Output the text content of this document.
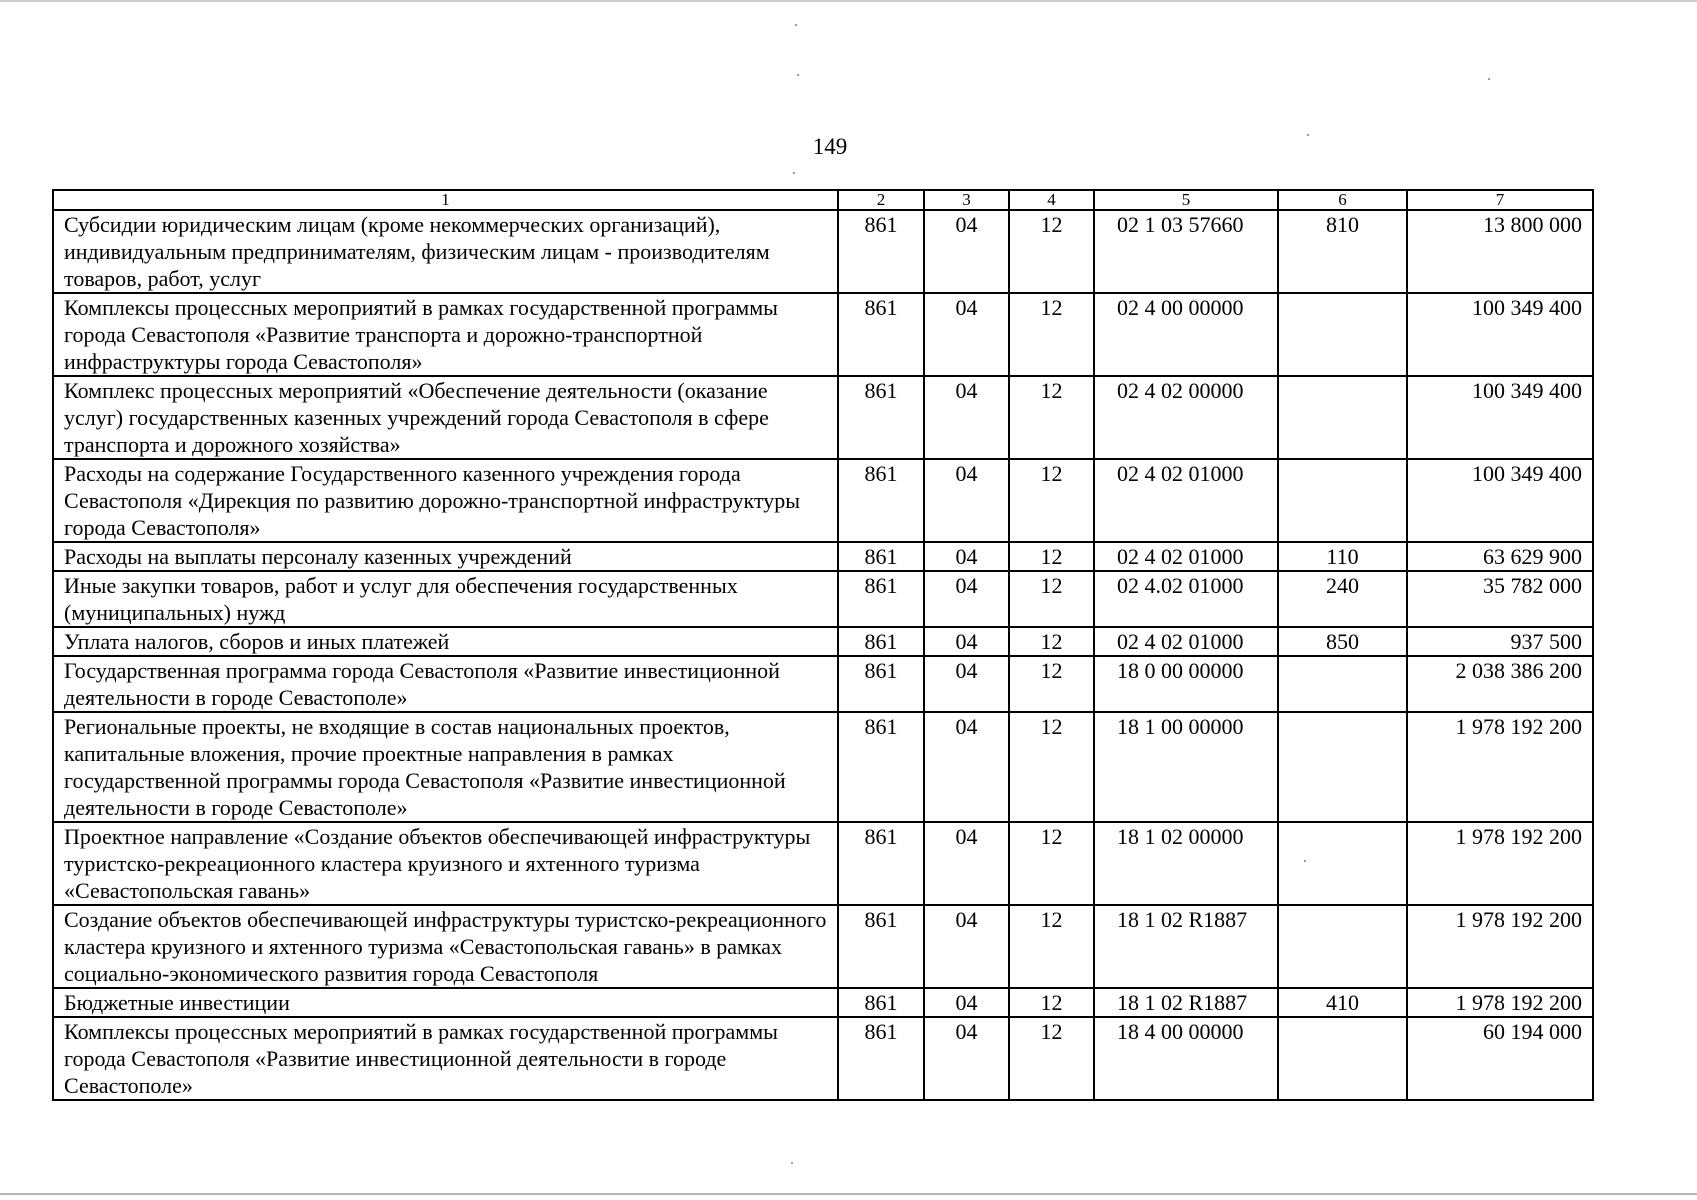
149
1	2	3	4	5	6	7
Субсидии юридическим лицам (кроме некоммерческих организаций), индивидуальным предпринимателям, физическим лицам - производителям товаров, работ, услуг	861	04	12	02 1 03 57660	810	13 800 000
Комплексы процессных мероприятий в рамках государственной программы города Севастополя «Развитие транспорта и дорожно-транспортной инфраструктуры города Севастополя»	861	04	12	02 4 00 00000		100 349 400
Комплекс процессных мероприятий «Обеспечение деятельности (оказание услуг) государственных казенных учреждений города Севастополя в сфере транспорта и дорожного хозяйства»	861	04	12	02 4 02 00000		100 349 400
Расходы на содержание Государственного казенного учреждения города Севастополя «Дирекция по развитию дорожно-транспортной инфраструктуры города Севастополя»	861	04	12	02 4 02 01000		100 349 400
Расходы на выплаты персоналу казенных учреждений	861	04	12	02 4 02 01000	110	63 629 900
Иные закупки товаров, работ и услуг для обеспечения государственных (муниципальных) нужд	861	04	12	02 4.02 01000	240	35 782 000
Уплата налогов, сборов и иных платежей	861	04	12	02 4 02 01000	850	937 500
Государственная программа города Севастополя «Развитие инвестиционной деятельности в городе Севастополе»	861	04	12	18 0 00 00000		2 038 386 200
Региональные проекты, не входящие в состав национальных проектов, капитальные вложения, прочие проектные направления в рамках государственной программы города Севастополя «Развитие инвестиционной деятельности в городе Севастополе»	861	04	12	18 1 00 00000		1 978 192 200
Проектное направление «Создание объектов обеспечивающей инфраструктуры туристско-рекреационного кластера круизного и яхтенного туризма «Севастопольская гавань»	861	04	12	18 1 02 00000		1 978 192 200
Создание объектов обеспечивающей инфраструктуры туристско-рекреационного кластера круизного и яхтенного туризма «Севастопольская гавань» в рамках социально-экономического развития города Севастополя	861	04	12	18 1 02 R1887		1 978 192 200
Бюджетные инвестиции	861	04	12	18 1 02 R1887	410	1 978 192 200
Комплексы процессных мероприятий в рамках государственной программы города Севастополя «Развитие инвестиционной деятельности в городе Севастополе»	861	04	12	18 4 00 00000		60 194 000
